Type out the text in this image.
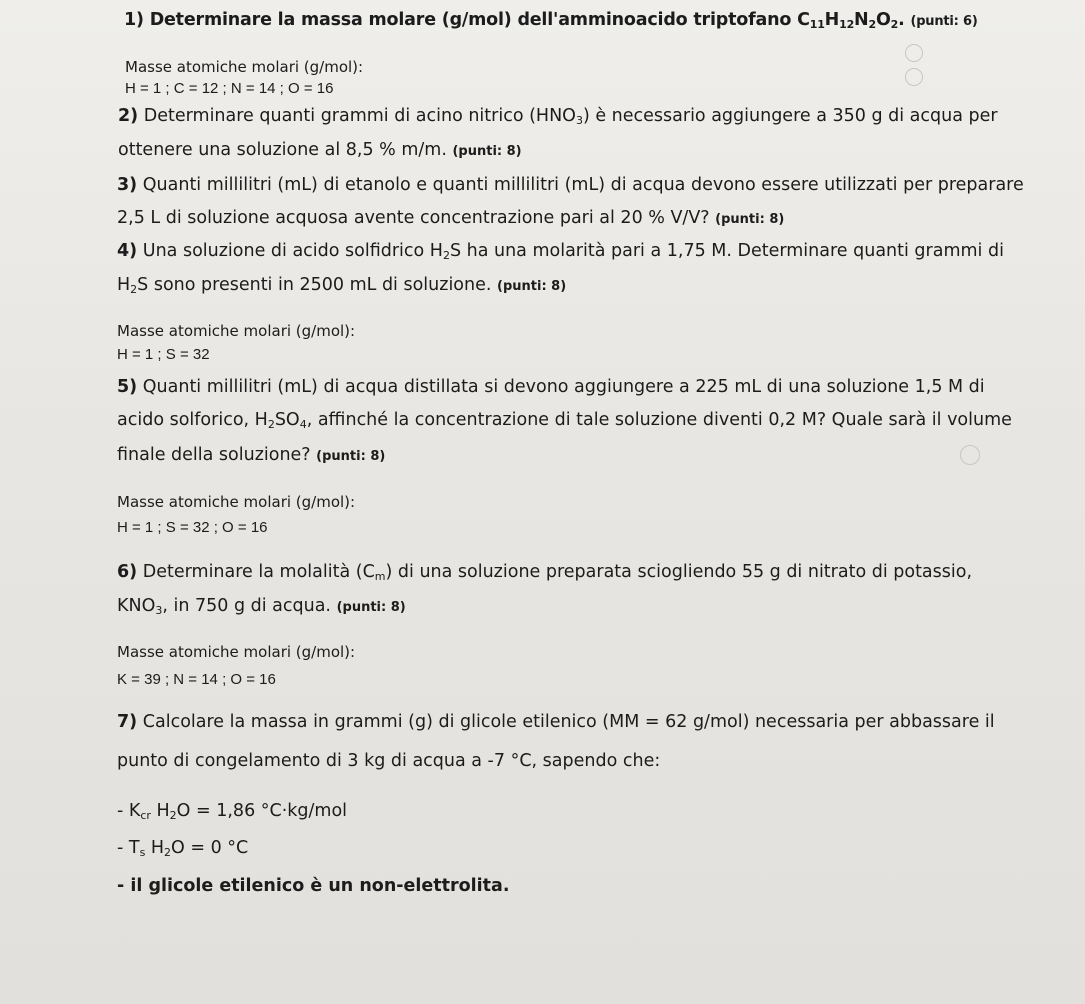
1) Determinare la massa molare (g/mol) dell'amminoacido triptofano $C_{11}H_{12}N_2O_2$. (punti: 6)
Masse atomiche molari (g/mol):
H = 1 ; C = 12 ; N = 14 ; O = 16
2) Determinare quanti grammi di acino nitrico $(HNO_3)$ è necessario aggiungere a 350 g di acqua per
ottenere una soluzione al 8,5 % m/m. (punti: 8)
3) Quanti millilitri (mL) di etanolo e quanti millilitri (mL) di acqua devono essere utilizzati per preparare
2,5 L di soluzione acquosa avente concentrazione pari al 20 % V/V? (punti: 8)
4) Una soluzione di acido solfidrico $H_2S$ ha una molarità pari a 1,75 M. Determinare quanti grammi di
$H_2S$ sono presenti in 2500 mL di soluzione. (punti: 8)
Masse atomiche molari (g/mol):
H = 1 ; S = 32
5) Quanti millilitri (mL) di acqua distillata si devono aggiungere a 225 mL di una soluzione 1,5 M di
acido solforico, $H_2SO_4$, affinché la concentrazione di tale soluzione diventi 0,2 M? Quale sarà il volume
finale della soluzione? (punti: 8)
Masse atomiche molari (g/mol):
H = 1 ; S = 32 ; O = 16
6) Determinare la molalità $(C_m)$ di una soluzione preparata sciogliendo 55 g di nitrato di potassio,
$KNO_3$, in 750 g di acqua. (punti: 8)
Masse atomiche molari (g/mol):
K = 39 ; N = 14 ; O = 16
7) Calcolare la massa in grammi (g) di glicole etilenico (MM = 62 g/mol) necessaria per abbassare il
punto di congelamento di 3 kg di acqua a -7 °C, sapendo che:
- $K_{cr}$ $H_2O = 1,86$ °C·kg/mol
- $T_s$ $H_2O = 0$ °C
- il glicole etilenico è un non-elettrolita.
